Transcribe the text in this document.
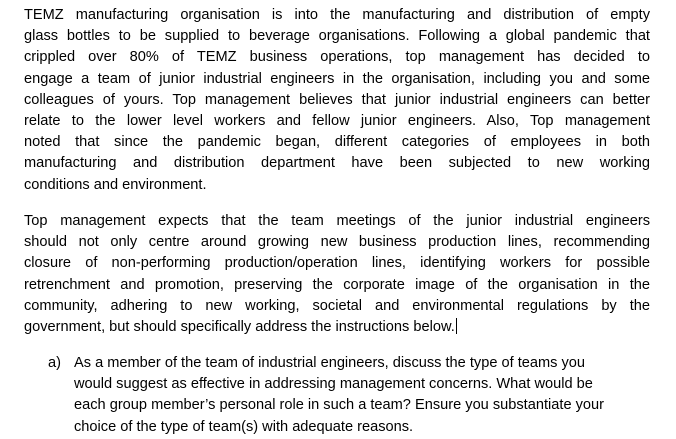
TEMZ manufacturing organisation is into the manufacturing and distribution of empty
glass bottles to be supplied to beverage organisations. Following a global pandemic that
crippled over 80% of TEMZ business operations, top management has decided to
engage a team of junior industrial engineers in the organisation, including you and some
colleagues of yours. Top management believes that junior industrial engineers can better
relate to the lower level workers and fellow junior engineers. Also, Top management
noted that since the pandemic began, different categories of employees in both
manufacturing and distribution department have been subjected to new working
conditions and environment.

Top management expects that the team meetings of the junior industrial engineers
should not only centre around growing new business production lines, recommending
closure of non-performing production/operation lines, identifying workers for possible
retrenchment and promotion, preserving the corporate image of the organisation in the
community, adhering to new working, societal and environmental regulations by the
government, but should specifically address the instructions below.

a) As a member of the team of industrial engineers, discuss the type of teams you
would suggest as effective in addressing management concerns. What would be
each group member’s personal role in such a team? Ensure you substantiate your
choice of the type of team(s) with adequate reasons.
